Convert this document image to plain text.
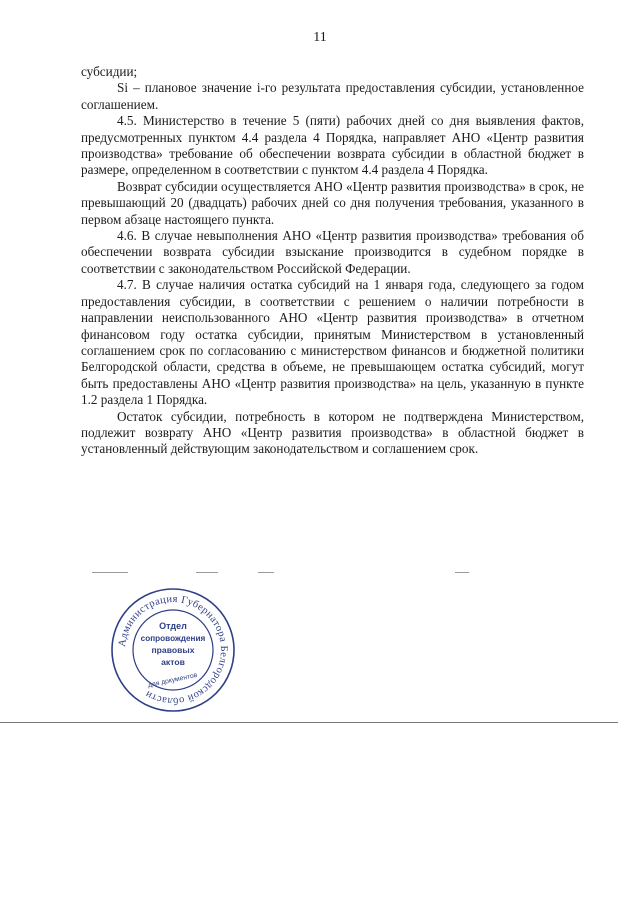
11

субсидии;

Si – плановое значение i-го результата предоставления субсидии, установленное соглашением.

4.5. Министерство в течение 5 (пяти) рабочих дней со дня выявления фактов, предусмотренных пунктом 4.4 раздела 4 Порядка, направляет АНО «Центр развития производства» требование об обеспечении возврата субсидии в областной бюджет в размере, определенном в соответствии с пунктом 4.4 раздела 4 Порядка.

Возврат субсидии осуществляется АНО «Центр развития производства» в срок, не превышающий 20 (двадцать) рабочих дней со дня получения требования, указанного в первом абзаце настоящего пункта.

4.6. В случае невыполнения АНО «Центр развития производства» требования об обеспечении возврата субсидии взыскание производится в судебном порядке в соответствии с законодательством Российской Федерации.

4.7. В случае наличия остатка субсидий на 1 января года, следующего за годом предоставления субсидии, в соответствии с решением о наличии потребности в направлении неиспользованного АНО «Центр развития производства» в отчетном финансовом году остатка субсидии, принятым Министерством в установленный соглашением срок по согласованию с министерством финансов и бюджетной политики Белгородской области, средства в объеме, не превышающем остатка субсидий, могут быть предоставлены АНО «Центр развития производства» на цель, указанную в пункте 1.2 раздела 1 Порядка.

Остаток субсидии, потребность в котором не подтверждена Министерством, подлежит возврату АНО «Центр развития производства» в областной бюджет в установленный действующим законодательством и соглашением срок.

Администрация Губернатора Белгородской области
Отдел
сопровождения
правовых
актов
для документов
